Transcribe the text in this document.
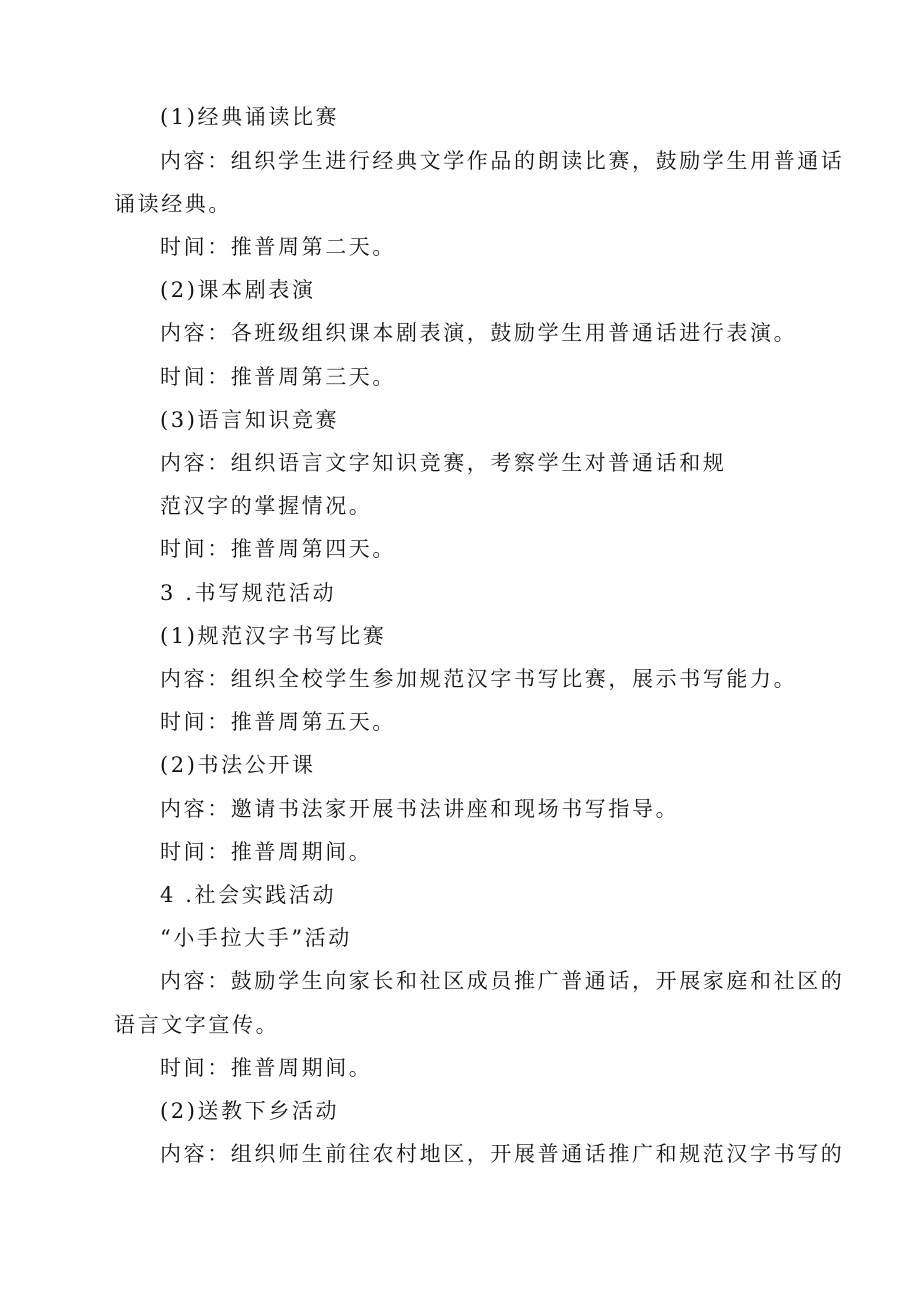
(1)经典诵读比赛
内容：组织学生进行经典文学作品的朗读比赛，鼓励学生用普通话
诵读经典。
时间：推普周第二天。
(2)课本剧表演
内容：各班级组织课本剧表演，鼓励学生用普通话进行表演。
时间：推普周第三天。
(3)语言知识竞赛
内容：组织语言文字知识竞赛，考察学生对普通话和规
范汉字的掌握情况。
时间：推普周第四天。
3 .书写规范活动
(1)规范汉字书写比赛
内容：组织全校学生参加规范汉字书写比赛，展示书写能力。
时间：推普周第五天。
(2)书法公开课
内容：邀请书法家开展书法讲座和现场书写指导。
时间：推普周期间。
4 .社会实践活动
“小手拉大手”活动
内容：鼓励学生向家长和社区成员推广普通话，开展家庭和社区的
语言文字宣传。
时间：推普周期间。
(2)送教下乡活动
内容：组织师生前往农村地区，开展普通话推广和规范汉字书写的
